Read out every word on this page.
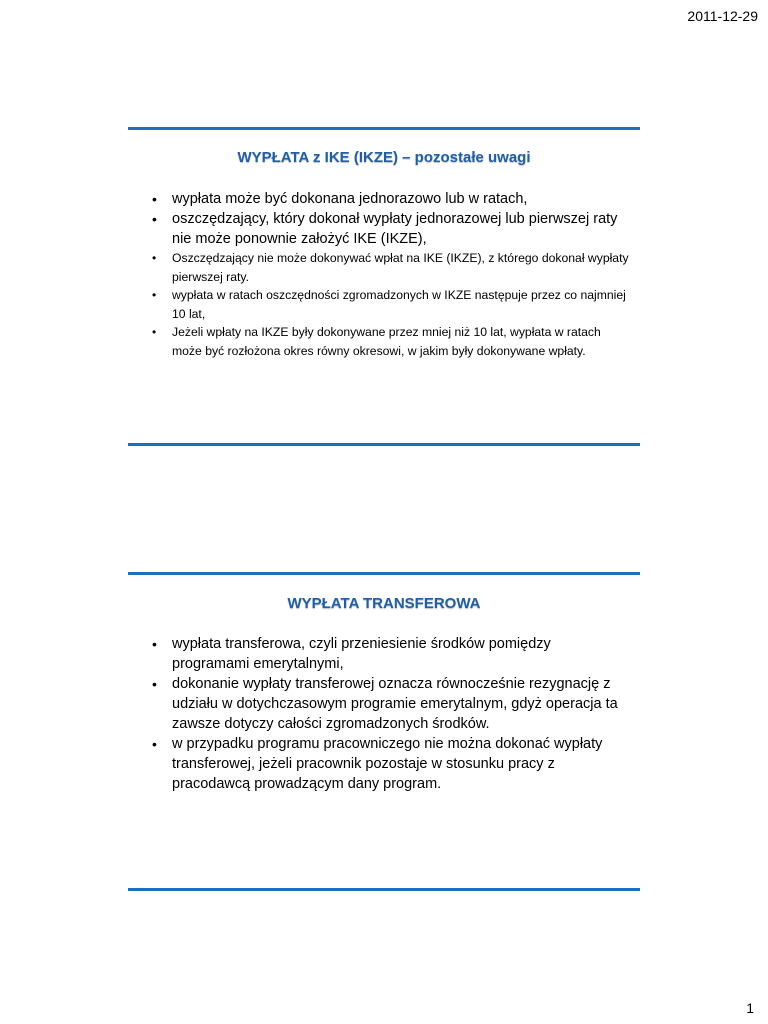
2011-12-29
WYPŁATA z IKE (IKZE) – pozostałe uwagi
• wypłata może być dokonana jednorazowo lub w ratach,
• oszczędzający, który dokonał wypłaty jednorazowej lub pierwszej raty nie może ponownie założyć IKE (IKZE),
• Oszczędzający nie może dokonywać wpłat na IKE (IKZE), z którego dokonał wypłaty pierwszej raty.
• wypłata w ratach oszczędności zgromadzonych w IKZE następuje przez co najmniej 10 lat,
• Jeżeli wpłaty na IKZE były dokonywane przez mniej niż 10 lat, wypłata w ratach może być rozłożona okres równy okresowi, w jakim były dokonywane wpłaty.
WYPŁATA TRANSFEROWA
• wypłata transferowa, czyli przeniesienie środków pomiędzy programami emerytalnymi,
• dokonanie wypłaty transferowej oznacza równocześnie rezygnację z udziału w dotychczasowym programie emerytalnym, gdyż operacja ta zawsze dotyczy całości zgromadzonych środków.
• w przypadku programu pracowniczego nie można dokonać wypłaty transferowej, jeżeli pracownik pozostaje w stosunku pracy z pracodawcą prowadzącym dany program.
1
